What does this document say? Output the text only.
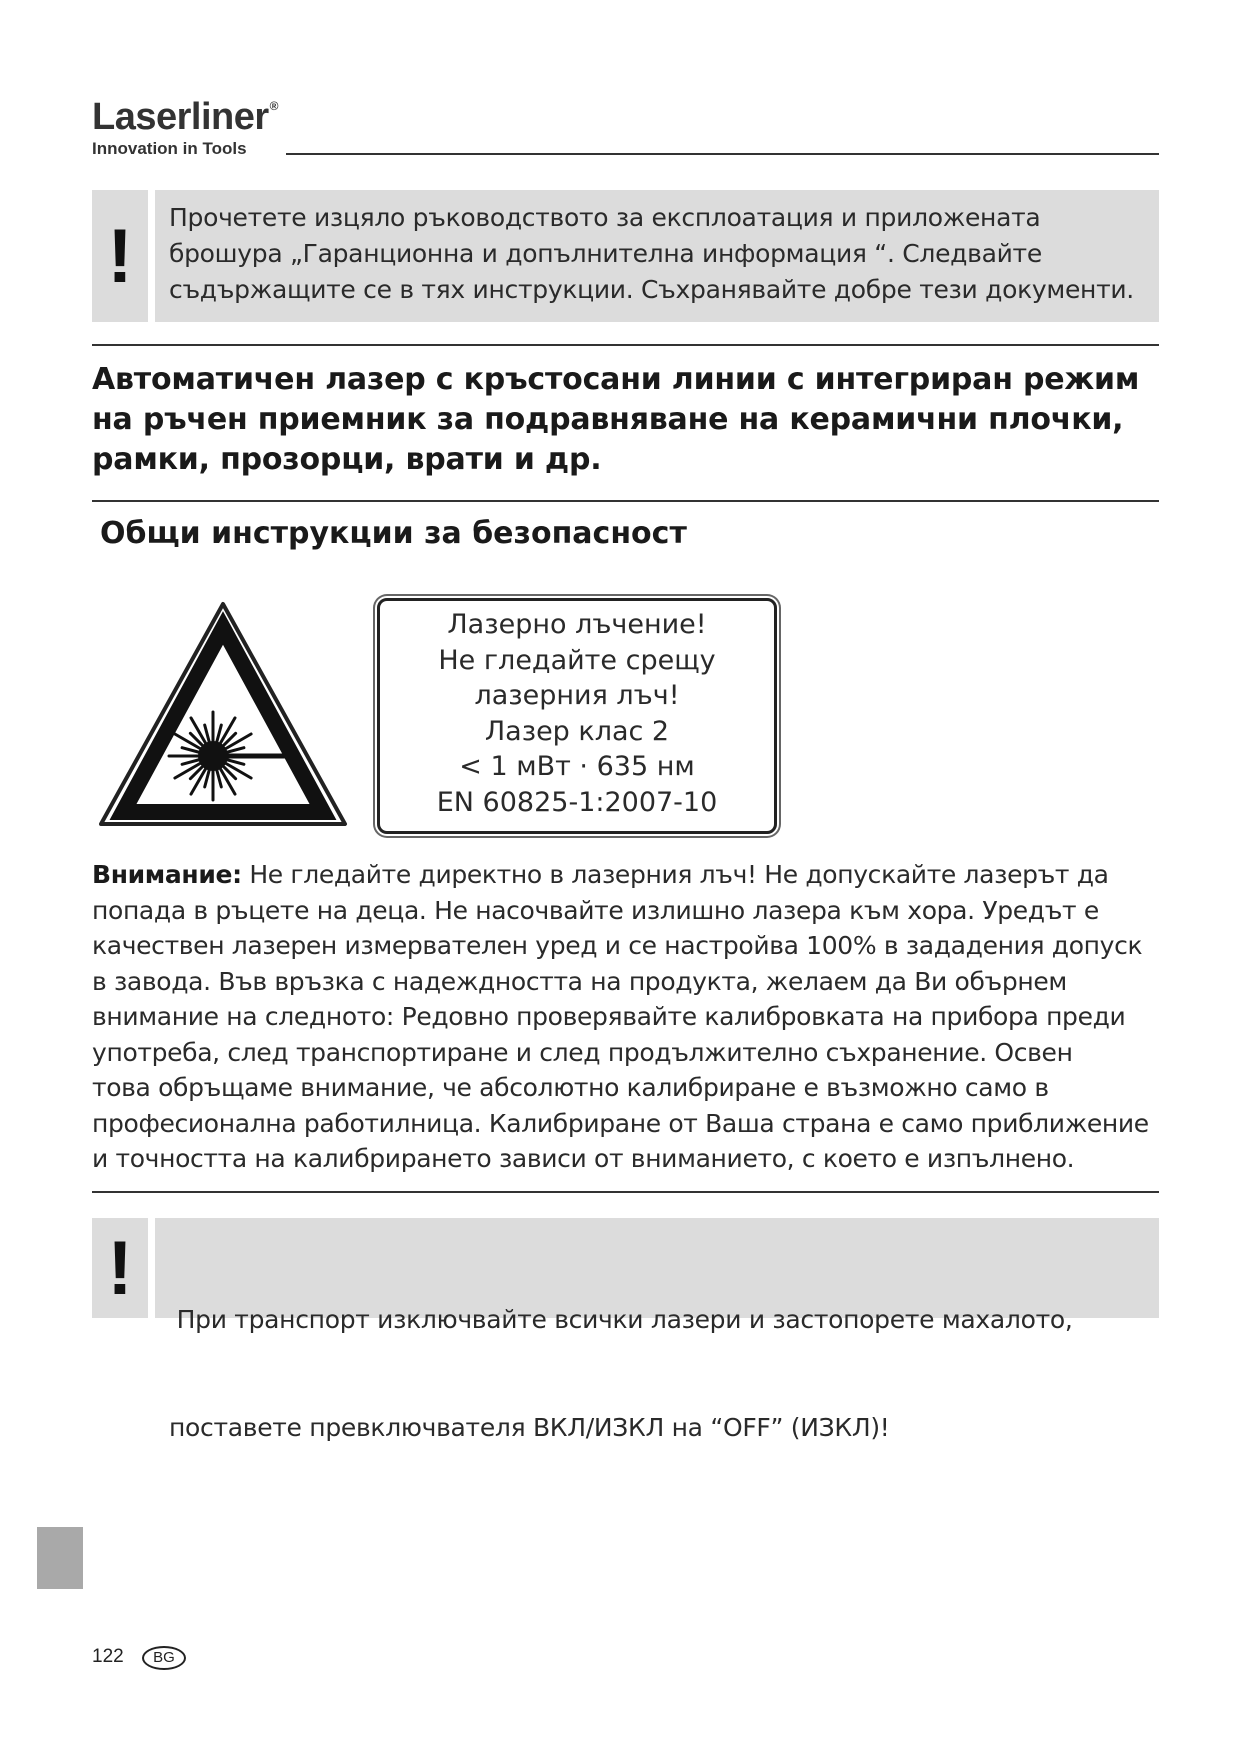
Laserliner®
Innovation in Tools
! Прочетете изцяло ръководството за експлоатация и приложената
брошура „Гаранционна и допълнителна информация “. Следвайте
съдържащите се в тях инструкции. Съхранявайте добре тези документи.
Автоматичен лазер с кръстосани линии с интегриран режим
на ръчен приемник за подравняване на керамични плочки,
рамки, прозорци, врати и др.
Общи инструкции за безопасност
Лазерно лъчение!
Не гледайте срещу
лазерния лъч!
Лазер клас 2
< 1 мВт · 635 нм
EN 60825-1:2007-10
Внимание: Не гледайте директно в лазерния лъч! Не допускайте лазерът да
попада в ръцете на деца. Не насочвайте излишно лазера към хора. Уредът е
качествен лазерен измервателен уред и се настройва 100% в зададения допуск
в завода. Във връзка с надеждността на продукта, желаем да Ви обърнем
внимание на следното: Редовно проверявайте калибровката на прибора преди
употреба, след транспортиране и след продължително съхранение. Освен
това обръщаме внимание, че абсолютно калибриране е възможно само в
професионална работилница. Калибриране от Ваша страна е само приближение
и точността на калибрирането зависи от вниманието, с което е изпълнено.
!

При транспорт изключвайте всички лазери и застопорете махалото,

поставете превключвателя ВКЛ/ИЗКЛ на “OFF” (ИЗКЛ)!

122	BG
